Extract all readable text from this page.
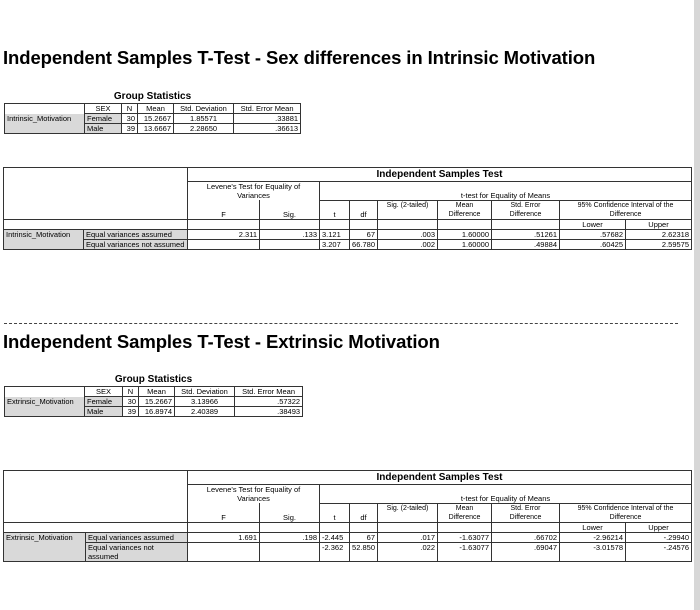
Independent Samples T-Test - Sex differences in Intrinsic Motivation
Group Statistics					
	SEX	N	Mean	Std. Deviation	Std. Error Mean
Intrinsic_Motivation	Female	30	15.2667	1.85571	.33881
	Male	39	13.6667	2.28650	.36613
		Independent Samples Test								
		Levene's Test for Equality of Variances		t-test for Equality of Means						
		F	Sig.	t	df	Sig. (2-tailed)	Mean Difference	Std. Error Difference	95% Confidence Interval of the Difference	
									Lower	Upper
Intrinsic_Motivation	Equal variances assumed	2.311	.133	3.121	67	.003	1.60000	.51261	.57682	2.62318
	Equal variances not assumed			3.207	66.780	.002	1.60000	.49884	.60425	2.59575
Independent Samples T-Test - Extrinsic Motivation
Group Statistics					
	SEX	N	Mean	Std. Deviation	Std. Error Mean
Extrinsic_Motivation	Female	30	15.2667	3.13966	.57322
	Male	39	16.8974	2.40389	.38493
		Independent Samples Test								
		Levene's Test for Equality of Variances		t-test for Equality of Means						
		F	Sig.	t	df	Sig. (2-tailed)	Mean Difference	Std. Error Difference	95% Confidence Interval of the Difference	
									Lower	Upper
Extrinsic_Motivation	Equal variances assumed	1.691	.198	-2.445	67	.017	-1.63077	.66702	-2.96214	-.29940
	Equal variances not assumed			-2.362	52.850	.022	-1.63077	.69047	-3.01578	-.24576
